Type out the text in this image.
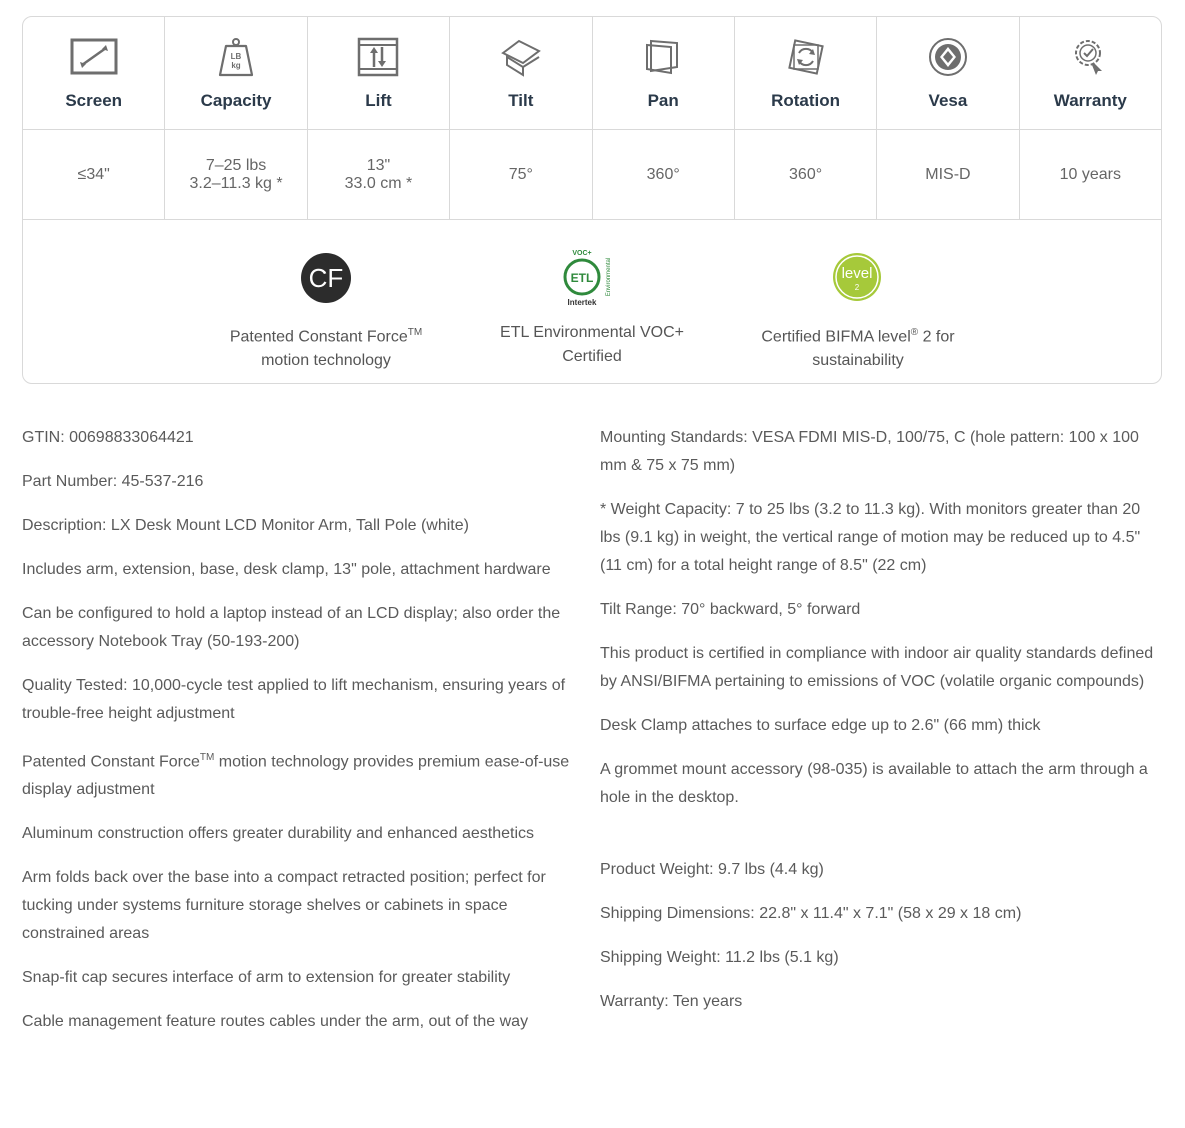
Screen
≤34"
LB
kg
Capacity
7–25 lbs
3.2–11.3 kg *
Lift
13"
33.0 cm *
Tilt
75°
Pan
360°
Rotation
360°
Vesa
MIS-D
Warranty
10 years
CF
Patented Constant Force™
motion technology
VOC+
ETL Environmental
Intertek
ETL Environmental VOC+
Certified
level
2
Certified BIFMA level® 2 for
sustainability

GTIN: 00698833064421

Part Number: 45-537-216

Description: LX Desk Mount LCD Monitor Arm, Tall Pole (white)

Includes arm, extension, base, desk clamp, 13" pole, attachment hardware

Can be configured to hold a laptop instead of an LCD display; also order the accessory Notebook Tray (50-193-200)

Quality Tested: 10,000-cycle test applied to lift mechanism, ensuring years of trouble-free height adjustment

Patented Constant Force™ motion technology provides premium ease-of-use display adjustment

Aluminum construction offers greater durability and enhanced aesthetics

Arm folds back over the base into a compact retracted position; perfect for tucking under systems furniture storage shelves or cabinets in space constrained areas

Snap-fit cap secures interface of arm to extension for greater stability

Cable management feature routes cables under the arm, out of the way

Mounting Standards: VESA FDMI MIS-D, 100/75, C (hole pattern: 100 x 100 mm & 75 x 75 mm)

* Weight Capacity: 7 to 25 lbs (3.2 to 11.3 kg). With monitors greater than 20 lbs (9.1 kg) in weight, the vertical range of motion may be reduced up to 4.5" (11 cm) for a total height range of 8.5" (22 cm)

Tilt Range: 70° backward, 5° forward

This product is certified in compliance with indoor air quality standards defined by ANSI/BIFMA pertaining to emissions of VOC (volatile organic compounds)

Desk Clamp attaches to surface edge up to 2.6" (66 mm) thick

A grommet mount accessory (98-035) is available to attach the arm through a hole in the desktop.

Product Weight: 9.7 lbs (4.4 kg)

Shipping Dimensions: 22.8" x 11.4" x 7.1" (58 x 29 x 18 cm)

Shipping Weight: 11.2 lbs (5.1 kg)

Warranty: Ten years
